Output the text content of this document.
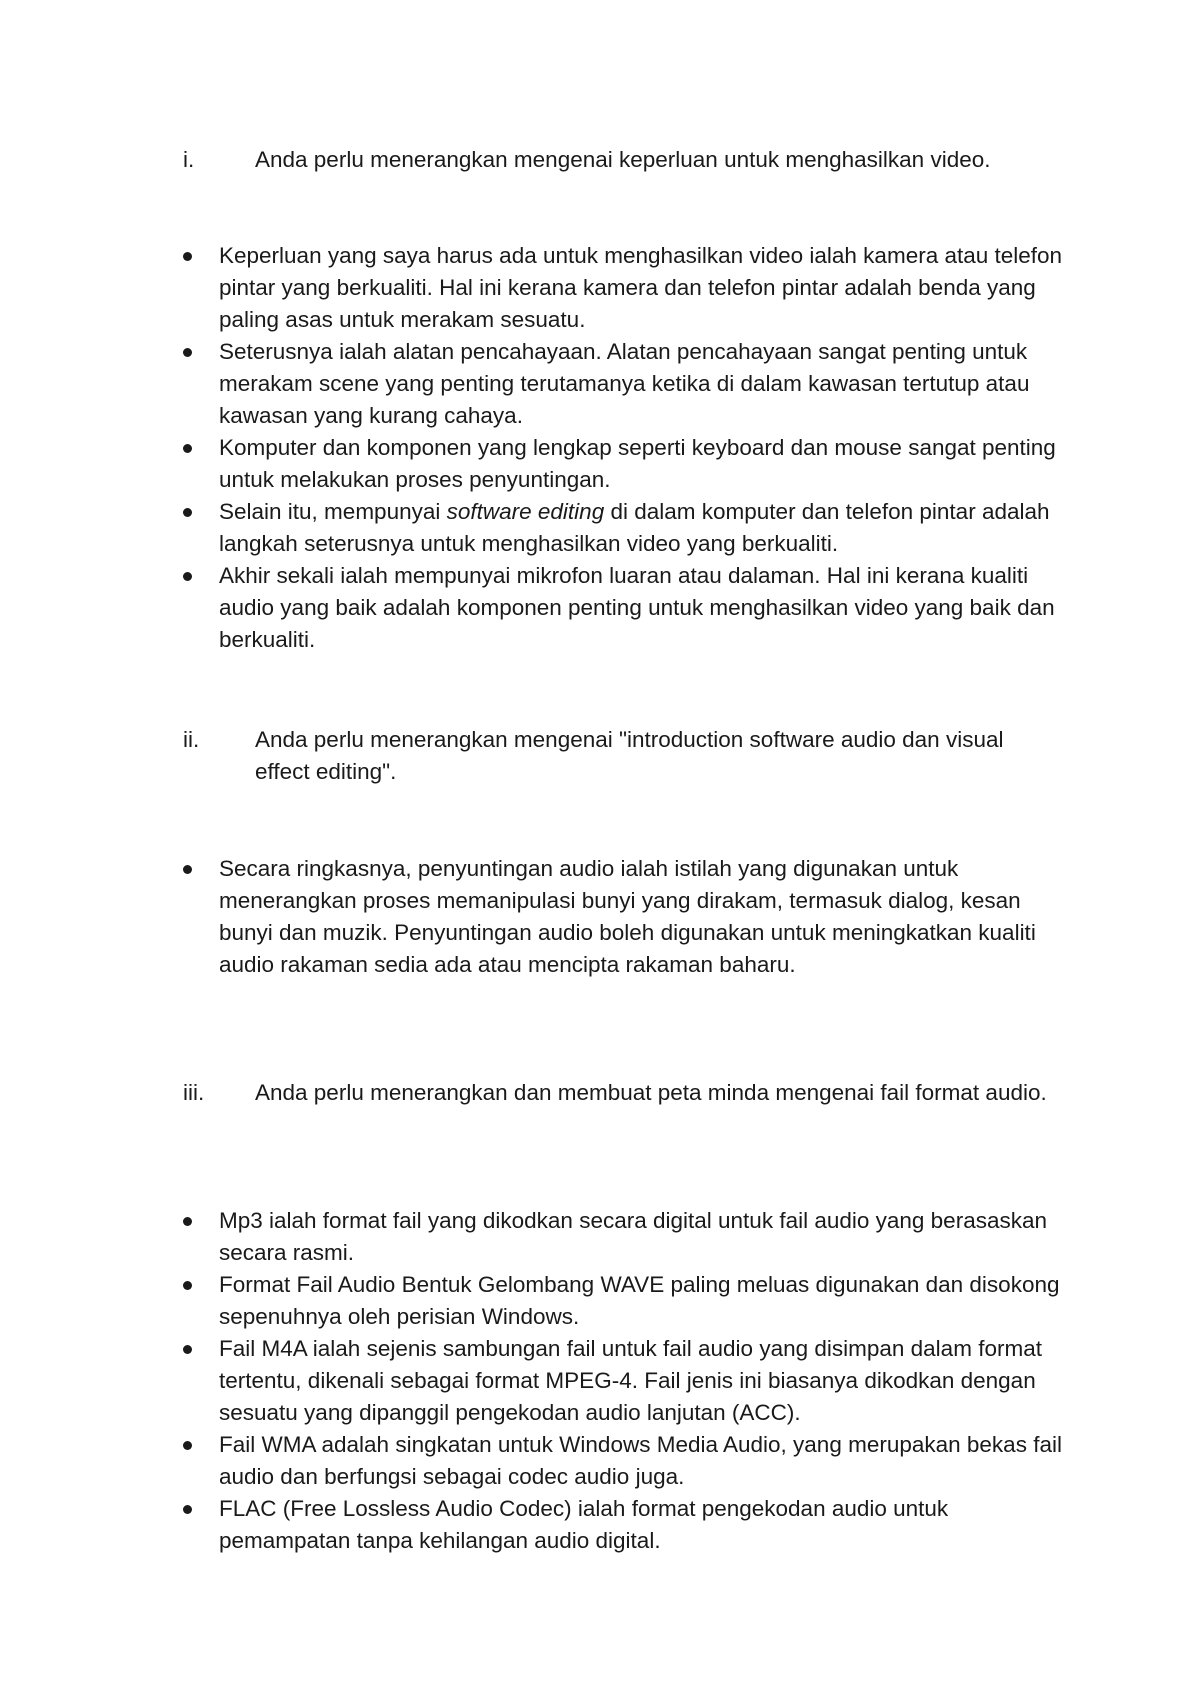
i.	Anda perlu menerangkan mengenai keperluan untuk menghasilkan video.
Keperluan yang saya harus ada untuk menghasilkan video ialah kamera atau telefon pintar yang berkualiti. Hal ini kerana kamera dan telefon pintar adalah benda yang paling asas untuk merakam sesuatu.
Seterusnya ialah alatan pencahayaan. Alatan pencahayaan sangat penting untuk merakam scene yang penting terutamanya ketika di dalam kawasan tertutup atau kawasan yang kurang cahaya.
Komputer dan komponen yang lengkap seperti keyboard dan mouse sangat penting untuk melakukan proses penyuntingan.
Selain itu, mempunyai software editing di dalam komputer dan telefon pintar adalah langkah seterusnya untuk menghasilkan video yang berkualiti.
Akhir sekali ialah mempunyai mikrofon luaran atau dalaman. Hal ini kerana kualiti audio yang baik adalah komponen penting untuk menghasilkan video yang baik dan berkualiti.
ii.	Anda perlu menerangkan mengenai "introduction software audio dan visual effect editing".
Secara ringkasnya, penyuntingan audio ialah istilah yang digunakan untuk menerangkan proses memanipulasi bunyi yang dirakam, termasuk dialog, kesan bunyi dan muzik. Penyuntingan audio boleh digunakan untuk meningkatkan kualiti audio rakaman sedia ada atau mencipta rakaman baharu.
iii.	Anda perlu menerangkan dan membuat peta minda mengenai fail format audio.
Mp3 ialah format fail yang dikodkan secara digital untuk fail audio yang berasaskan secara rasmi.
Format Fail Audio Bentuk Gelombang WAVE paling meluas digunakan dan disokong sepenuhnya oleh perisian Windows.
Fail M4A ialah sejenis sambungan fail untuk fail audio yang disimpan dalam format tertentu, dikenali sebagai format MPEG-4. Fail jenis ini biasanya dikodkan dengan sesuatu yang dipanggil pengekodan audio lanjutan (ACC).
Fail WMA adalah singkatan untuk Windows Media Audio, yang merupakan bekas fail audio dan berfungsi sebagai codec audio juga.
FLAC (Free Lossless Audio Codec) ialah format pengekodan audio untuk pemampatan tanpa kehilangan audio digital.
